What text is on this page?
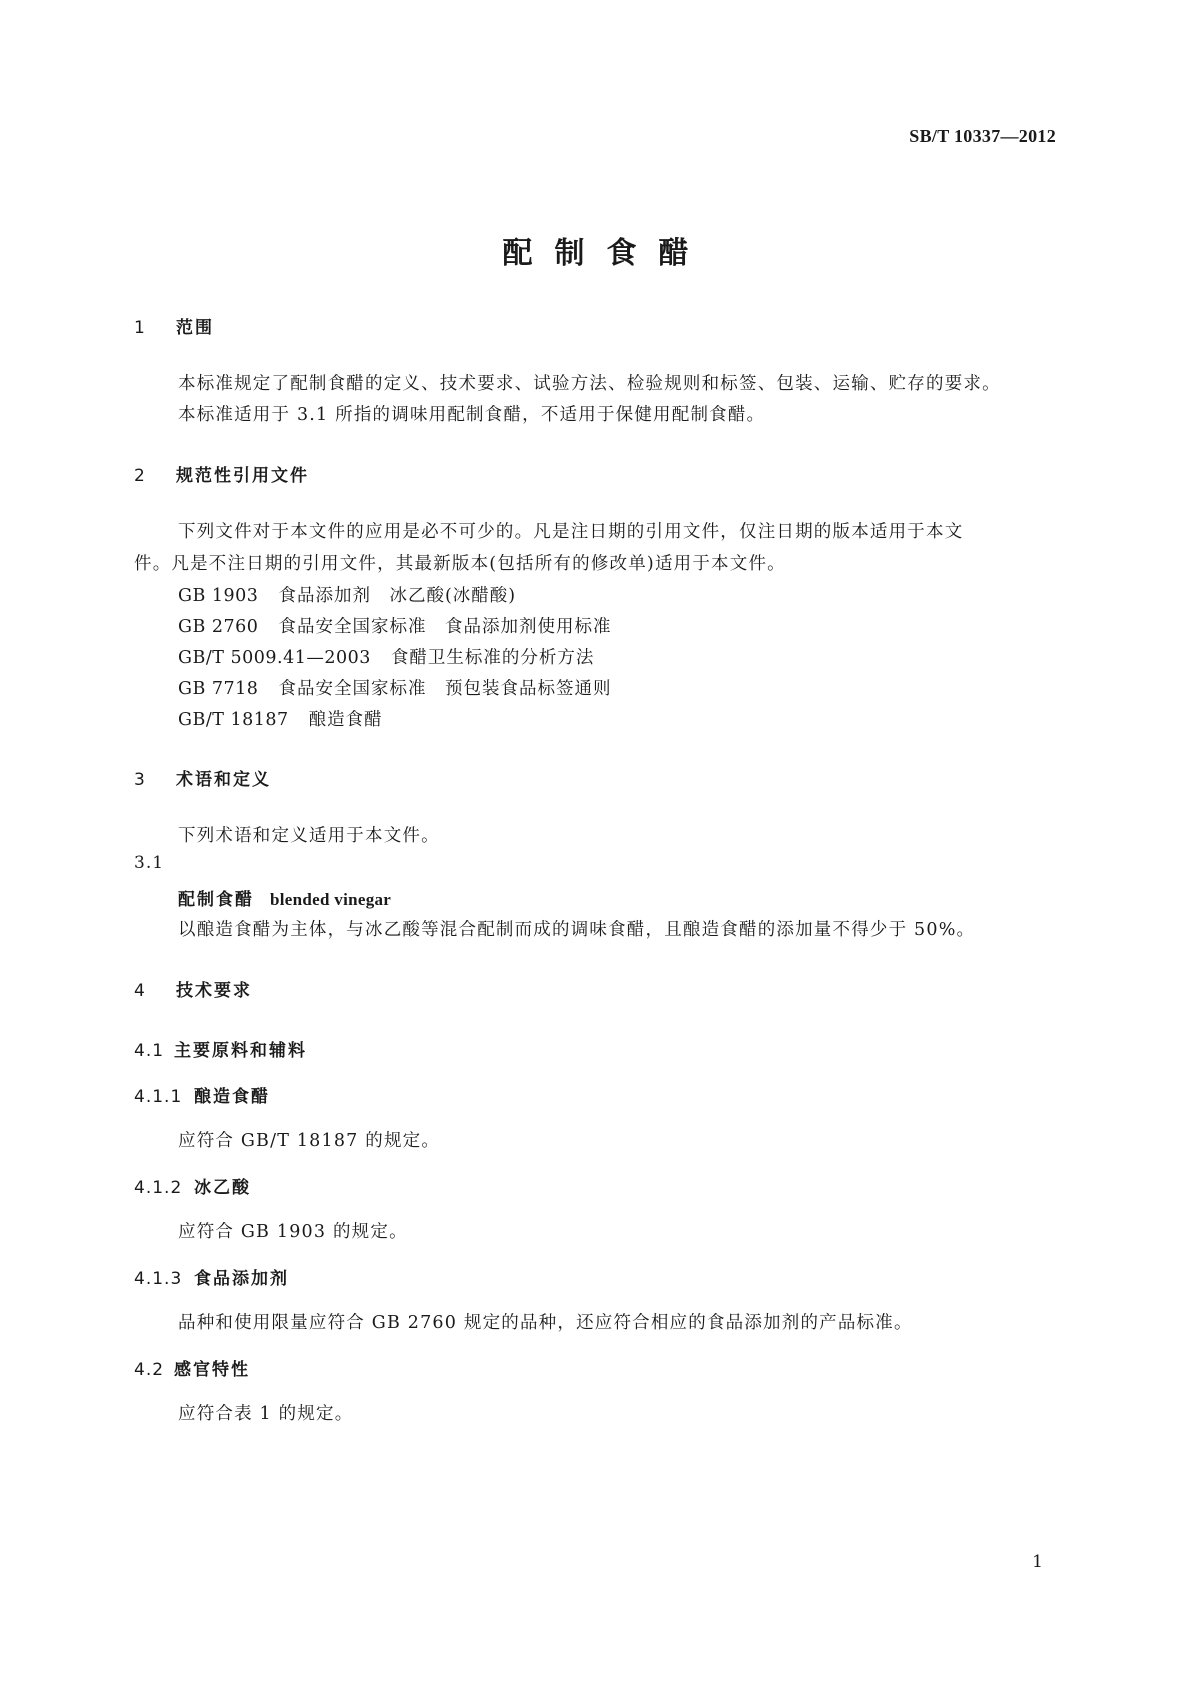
SB/T 10337—2012
配制食醋
1 范围
本标准规定了配制食醋的定义、技术要求、试验方法、检验规则和标签、包装、运输、贮存的要求。
本标准适用于 3.1 所指的调味用配制食醋，不适用于保健用配制食醋。
2 规范性引用文件
下列文件对于本文件的应用是必不可少的。凡是注日期的引用文件，仅注日期的版本适用于本文
件。凡是不注日期的引用文件，其最新版本(包括所有的修改单)适用于本文件。
GB 1903 食品添加剂　冰乙酸(冰醋酸)
GB 2760 食品安全国家标准　食品添加剂使用标准
GB/T 5009.41—2003 食醋卫生标准的分析方法
GB 7718 食品安全国家标准　预包装食品标签通则
GB/T 18187 酿造食醋
3 术语和定义
下列术语和定义适用于本文件。
3.1
配制食醋 blended vinegar
以酿造食醋为主体，与冰乙酸等混合配制而成的调味食醋，且酿造食醋的添加量不得少于 50%。
4 技术要求
4.1 主要原料和辅料
4.1.1 酿造食醋
应符合 GB/T 18187 的规定。
4.1.2 冰乙酸
应符合 GB 1903 的规定。
4.1.3 食品添加剂
品种和使用限量应符合 GB 2760 规定的品种，还应符合相应的食品添加剂的产品标准。
4.2 感官特性
应符合表 1 的规定。
1
